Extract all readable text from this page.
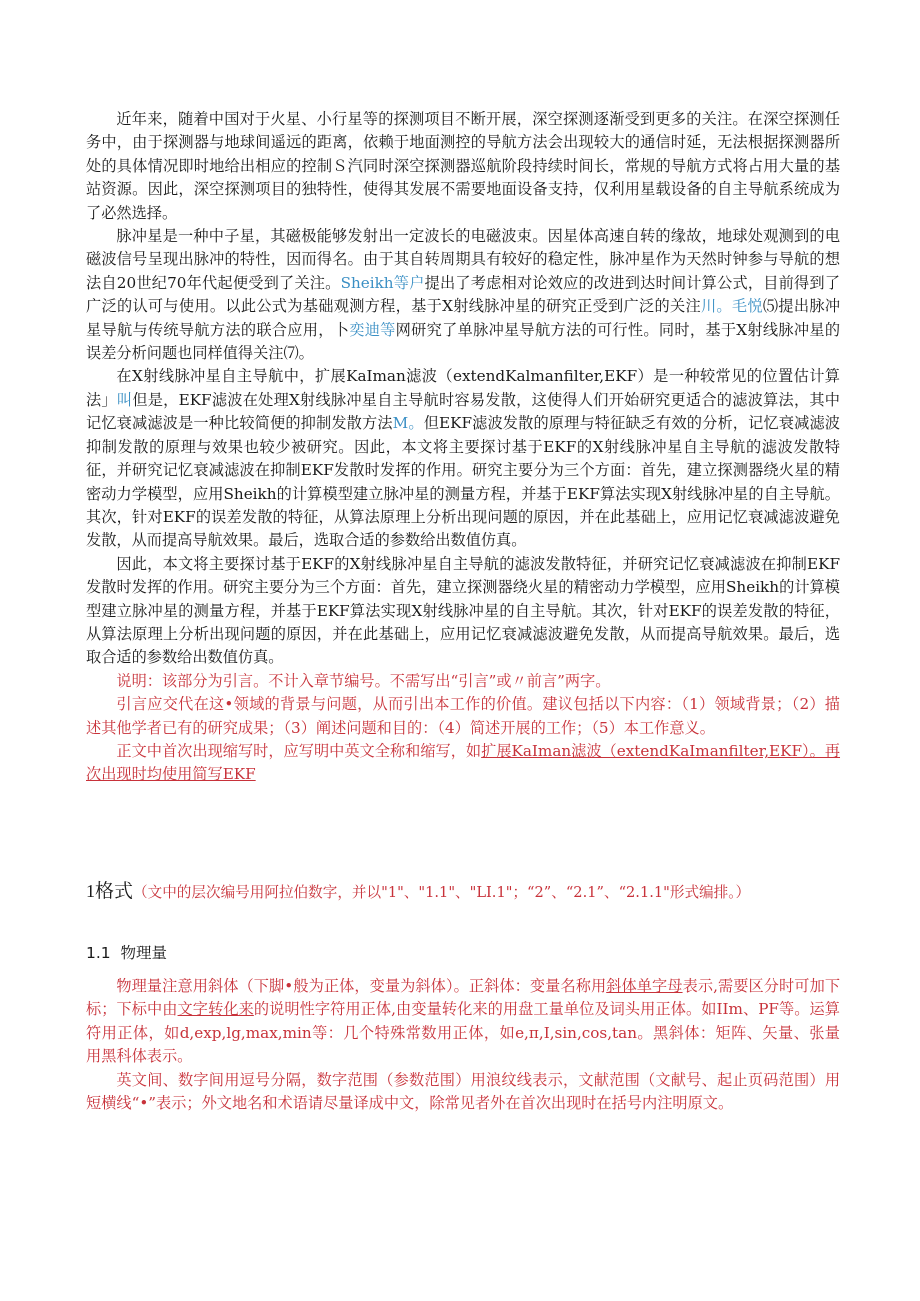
近年来，随着中国对于火星、小行星等的探测项目不断开展，深空探测逐渐受到更多的关注。在深空探测任务中，由于探测器与地球间遥远的距离，依赖于地面测控的导航方法会出现较大的通信时延，无法根据探测器所处的具体情况即时地给出相应的控制Ｓ汽同时深空探测器巡航阶段持续时间长，常规的导航方式将占用大量的基站资源。因此，深空探测项目的独特性，使得其发展不需要地面设备支持，仅利用星载设备的自主导航系统成为了必然选择。

脉冲星是一种中子星，其磁极能够发射出一定波长的电磁波束。因星体高速自转的缘故，地球处观测到的电磁波信号呈现出脉冲的特性，因而得名。由于其自转周期具有较好的稳定性，脉冲星作为天然时钟参与导航的想法自20世纪70年代起便受到了关注。Sheikh等户提出了考虑相对论效应的改进到达时间计算公式，目前得到了广泛的认可与使用。以此公式为基础观测方程，基于X射线脉冲星的研究正受到广泛的关注川。毛悦⑸提出脉冲星导航与传统导航方法的联合应用，卜奕迪等网研究了单脉冲星导航方法的可行性。同时，基于X射线脉冲星的误差分析问题也同样值得关注⑺。

在X射线脉冲星自主导航中，扩展KaIman滤波（extendKalmanfilter,EKF）是一种较常见的位置估计算法」叫但是，EKF滤波在处理X射线脉冲星自主导航时容易发散，这使得人们开始研究更适合的滤波算法，其中记忆衰减滤波是一种比较简便的抑制发散方法M。但EKF滤波发散的原理与特征缺乏有效的分析，记忆衰减滤波抑制发散的原理与效果也较少被研究。因此，本文将主要探讨基于EKF的X射线脉冲星自主导航的滤波发散特征，并研究记忆衰减滤波在抑制EKF发散时发挥的作用。研究主要分为三个方面：首先，建立探测器绕火星的精密动力学模型，应用Sheikh的计算模型建立脉冲星的测量方程，并基于EKF算法实现X射线脉冲星的自主导航。其次，针对EKF的误差发散的特征，从算法原理上分析出现问题的原因，并在此基础上，应用记忆衰减滤波避免发散，从而提高导航效果。最后，选取合适的参数给出数值仿真。

因此，本文将主要探讨基于EKF的X射线脉冲星自主导航的滤波发散特征，并研究记忆衰减滤波在抑制EKF发散时发挥的作用。研究主要分为三个方面：首先，建立探测器绕火星的精密动力学模型，应用Sheikh的计算模型建立脉冲星的测量方程，并基于EKF算法实现X射线脉冲星的自主导航。其次，针对EKF的误差发散的特征，从算法原理上分析出现问题的原因，并在此基础上，应用记忆衰减滤波避免发散，从而提高导航效果。最后，选取合适的参数给出数值仿真。

说明：该部分为引言。不计入章节编号。不需写出“引言”或〃前言”两字。

引言应交代在这•领域的背景与问题，从而引出本工作的价值。建议包括以下内容：（1）领域背景；（2）描述其他学者已有的研究成果；（3）阐述问题和目的：（4）简述开展的工作；（5）本工作意义。

正文中首次出现缩写时，应写明中英文全称和缩写，如扩展KaIman滤波（extendKaImanfilter,EKF）。再次出现时均使用简写EKF

1格式（文中的层次编号用阿拉伯数字，并以"1"、"1.1"、"LI.1"；“2”、“2.1”、“2.1.1"形式编排。）
1.1 物理量

物理量注意用斜体（下脚•般为正体，变量为斜体）。正斜体：变量名称用斜体单字母表示,需要区分时可加下标；下标中由文字转化来的说明性字符用正体,由变量转化来的用盘工量单位及词头用正体。如IIm、PF等。运算符用正体，如d,exp,lg,max,min等：几个特殊常数用正体，如e,π,I,sin,cos,tan。黑斜体：矩阵、矢量、张量用黑科体表示。

英文间、数字间用逗号分隔，数字范围（参数范围）用浪纹线表示，文献范围（文献号、起止页码范围）用短横线“•”表示；外文地名和术语请尽量译成中文，除常见者外在首次出现时在括号内注明原文。
